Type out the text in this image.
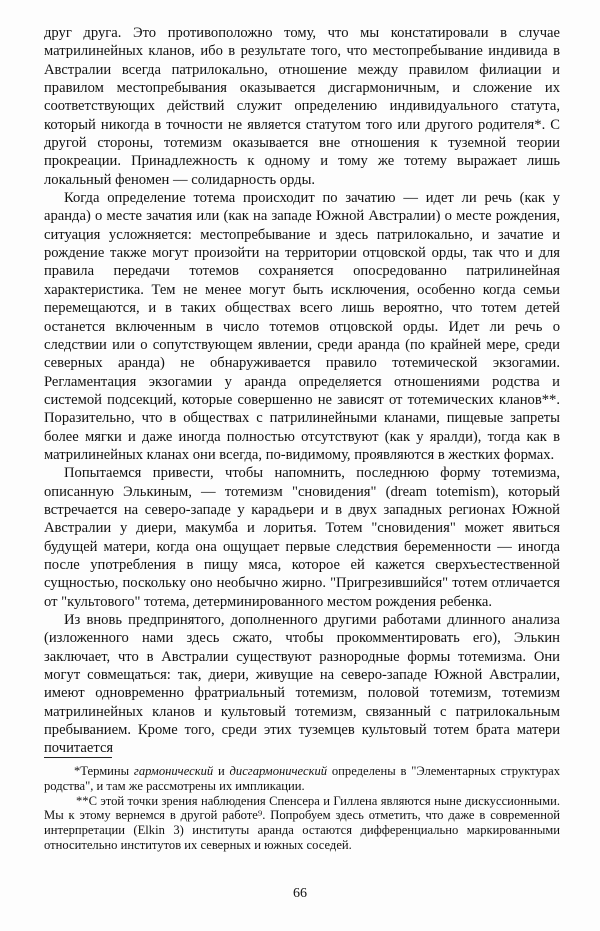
друг друга. Это противоположно тому, что мы констатировали в случае матрилинейных кланов, ибо в результате того, что местопребывание индивида в Австралии всегда патрилокально, отношение между правилом филиации и правилом местопребывания оказывается дисгармоничным, и сложение их соответствующих действий служит определению индивидуального статута, который никогда в точности не является статутом того или другого родителя*. С другой стороны, тотемизм оказывается вне отношения к туземной теории прокреации. Принадлежность к одному и тому же тотему выражает лишь локальный феномен — солидарность орды.

Когда определение тотема происходит по зачатию — идет ли речь (как у аранда) о месте зачатия или (как на западе Южной Австралии) о месте рождения, ситуация усложняется: местопребывание и здесь патрилокально, и зачатие и рождение также могут произойти на территории отцовской орды, так что и для правила передачи тотемов сохраняется опосредованно патрилинейная характеристика. Тем не менее могут быть исключения, особенно когда семьи перемещаются, и в таких обществах всего лишь вероятно, что тотем детей останется включенным в число тотемов отцовской орды. Идет ли речь о следствии или о сопутствующем явлении, среди аранда (по крайней мере, среди северных аранда) не обнаруживается правило тотемической экзогамии. Регламентация экзогамии у аранда определяется отношениями родства и системой подсекций, которые совершенно не зависят от тотемических кланов**. Поразительно, что в обществах с патрилинейными кланами, пищевые запреты более мягки и даже иногда полностью отсутствуют (как у яралди), тогда как в матрилинейных кланах они всегда, по-видимому, проявляются в жестких формах.

Попытаемся привести, чтобы напомнить, последнюю форму тотемизма, описанную Элькиным, — тотемизм "сновидения" (dream totemism), который встречается на северо-западе у карадьери и в двух западных регионах Южной Австралии у диери, макумба и лоритья. Тотем "сновидения" может явиться будущей матери, когда она ощущает первые следствия беременности — иногда после употребления в пищу мяса, которое ей кажется сверхъестественной сущностью, поскольку оно необычно жирно. "Пригрезившийся" тотем отличается от "культового" тотема, детерминированного местом рождения ребенка.

Из вновь предпринятого, дополненного другими работами длинного анализа (изложенного нами здесь сжато, чтобы прокомментировать его), Элькин заключает, что в Австралии существуют разнородные формы тотемизма. Они могут совмещаться: так, диери, живущие на северо-западе Южной Австралии, имеют одновременно фратриальный тотемизм, половой тотемизм, тотемизм матрилинейных кланов и культовый тотемизм, связанный с патрилокальным пребыванием. Кроме того, среди этих туземцев культовый тотем брата матери почитается

*Термины гармонический и дисгармонический определены в "Элементарных структурах родства", и там же рассмотрены их импликации.

**С этой точки зрения наблюдения Спенсера и Гиллена являются ныне дискуссионными. Мы к этому вернемся в другой работе⁹. Попробуем здесь отметить, что даже в современной интерпретации (Elkin 3) институты аранда остаются дифференциально маркированными относительно институтов их северных и южных соседей.

66
